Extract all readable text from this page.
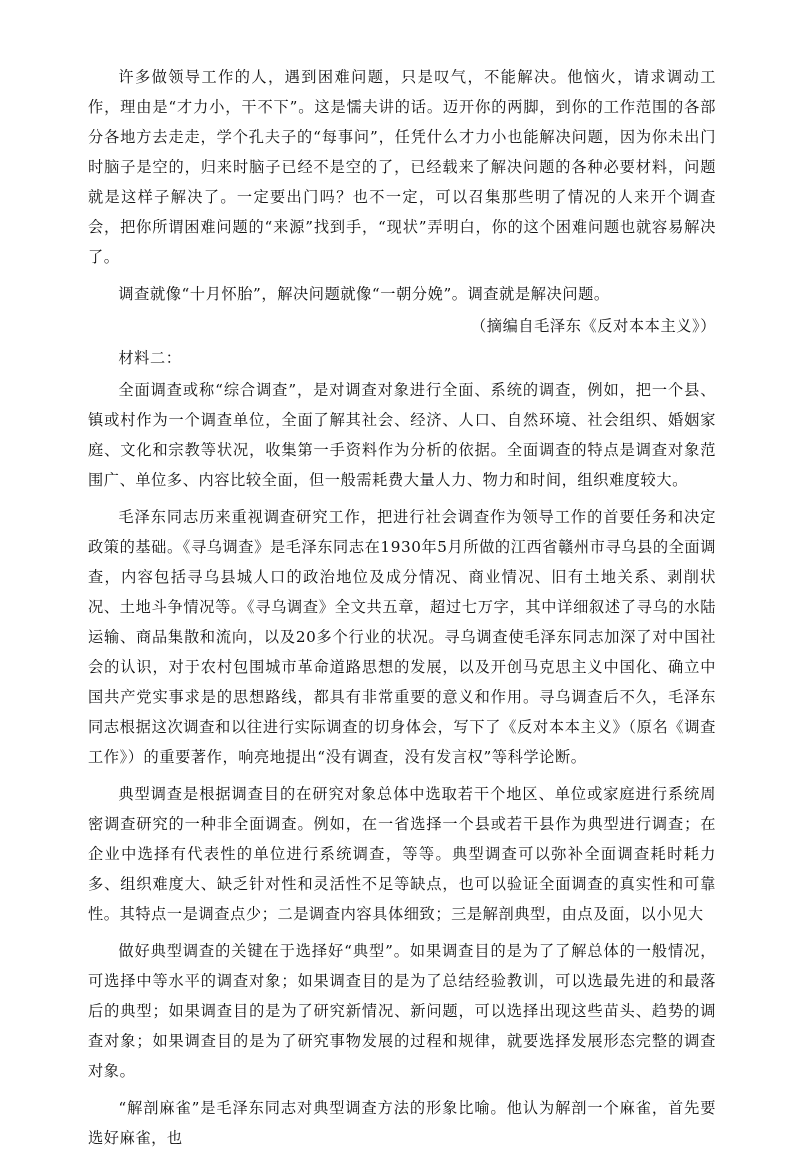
许多做领导工作的人，遇到困难问题，只是叹气，不能解决。他恼火，请求调动工作，理由是“才力小，干不下”。这是懦夫讲的话。迈开你的两脚，到你的工作范围的各部分各地方去走走，学个孔夫子的“每事问”，任凭什么才力小也能解决问题，因为你未出门时脑子是空的，归来时脑子已经不是空的了，已经载来了解决问题的各种必要材料，问题就是这样子解决了。一定要出门吗？也不一定，可以召集那些明了情况的人来开个调查会，把你所谓困难问题的“来源”找到手，“现状”弄明白，你的这个困难问题也就容易解决了。

调查就像“十月怀胎”，解决问题就像“一朝分娩”。调查就是解决问题。

（摘编自毛泽东《反对本本主义》）

材料二：

全面调查或称“综合调查”，是对调查对象进行全面、系统的调查，例如，把一个县、镇或村作为一个调查单位，全面了解其社会、经济、人口、自然环境、社会组织、婚姻家庭、文化和宗教等状况，收集第一手资料作为分析的依据。全面调查的特点是调查对象范围广、单位多、内容比较全面，但一般需耗费大量人力、物力和时间，组织难度较大。

毛泽东同志历来重视调查研究工作，把进行社会调查作为领导工作的首要任务和决定政策的基础。《寻乌调查》是毛泽东同志在1930年5月所做的江西省赣州市寻乌县的全面调查，内容包括寻乌县城人口的政治地位及成分情况、商业情况、旧有土地关系、剥削状况、土地斗争情况等。《寻乌调查》全文共五章，超过七万字，其中详细叙述了寻乌的水陆运输、商品集散和流向，以及20多个行业的状况。寻乌调查使毛泽东同志加深了对中国社会的认识，对于农村包围城市革命道路思想的发展，以及开创马克思主义中国化、确立中国共产党实事求是的思想路线，都具有非常重要的意义和作用。寻乌调查后不久，毛泽东同志根据这次调查和以往进行实际调查的切身体会，写下了《反对本本主义》（原名《调查工作》）的重要著作，响亮地提出“没有调查，没有发言权”等科学论断。

典型调查是根据调查目的在研究对象总体中选取若干个地区、单位或家庭进行系统周密调查研究的一种非全面调查。例如，在一省选择一个县或若干县作为典型进行调查；在企业中选择有代表性的单位进行系统调查，等等。典型调查可以弥补全面调查耗时耗力多、组织难度大、缺乏针对性和灵活性不足等缺点，也可以验证全面调查的真实性和可靠性。其特点一是调查点少；二是调查内容具体细致；三是解剖典型，由点及面，以小见大

做好典型调查的关键在于选择好“典型”。如果调查目的是为了了解总体的一般情况，可选择中等水平的调查对象；如果调查目的是为了总结经验教训，可以选最先进的和最落后的典型；如果调查目的是为了研究新情况、新问题，可以选择出现这些苗头、趋势的调查对象；如果调查目的是为了研究事物发展的过程和规律，就要选择发展形态完整的调查对象。

“解剖麻雀”是毛泽东同志对典型调查方法的形象比喻。他认为解剖一个麻雀，首先要选好麻雀，也
